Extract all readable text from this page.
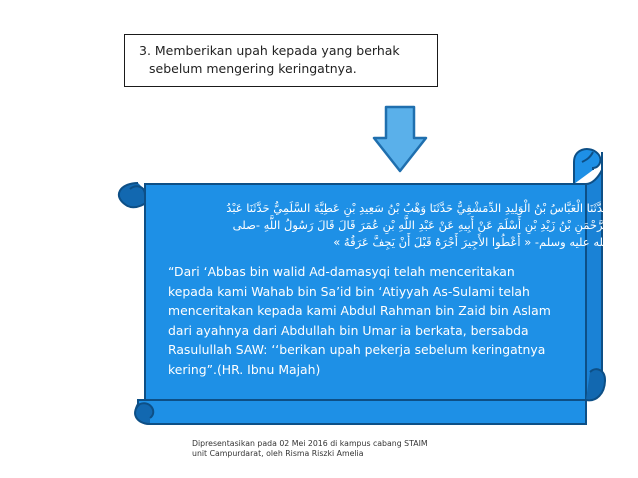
3. Memberikan upah kepada yang berhak
sebelum mengering keringatnya.
حَدَّثَنَا الْعَبَّاسُ بْنُ الْوَلِيدِ الدِّمَشْقِيُّ حَدَّثَنَا وَهْبُ بْنُ سَعِيدِ بْنِ عَطِيَّةَ السَّلَمِيُّ حَدَّثَنَا عَبْدُ
الرَّحْمَنِ بْنُ زَيْدِ بْنِ أَسْلَمَ عَنْ أَبِيهِ عَنْ عَبْدِ اللَّهِ بْنِ عُمَرَ قَالَ قَالَ رَسُولُ اللَّهِ -صلى
الله عليه وسلم- « أَعْطُوا الأَجِيرَ أَجْرَهُ قَبْلَ أَنْ يَجِفَّ عَرَقُهُ »
“Dari ‘Abbas bin walid Ad-damasyqi telah menceritakan
kepada kami Wahab bin Sa’id bin ‘Atiyyah As-Sulami telah
menceritakan kepada kami Abdul Rahman bin Zaid bin Aslam
dari ayahnya dari Abdullah bin Umar ia berkata, bersabda
Rasulullah SAW: ‘‘berikan upah pekerja sebelum keringatnya
kering”.(HR. Ibnu Majah)
Dipresentasikan pada 02 Mei 2016 di kampus cabang STAIM
unit Campurdarat, oleh Risma Riszki Amelia
